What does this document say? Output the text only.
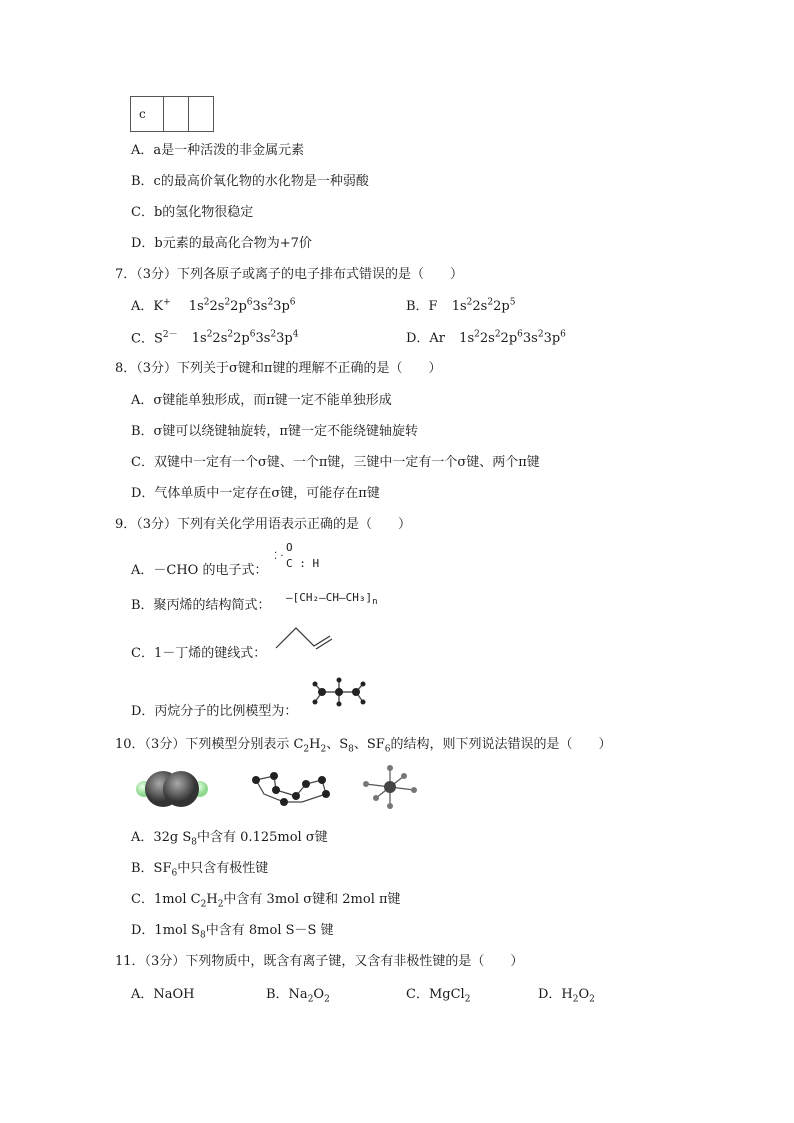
c		
A．a是一种活泼的非金属元素
B．c的最高价氧化物的水化物是一种弱酸
C．b的氢化物很稳定
D．b元素的最高化合物为+7价
7．（3分）下列各原子或离子的电子排布式错误的是（　　）
A．K+ $1s^22s^22p^63s^23p^6$	B．F $1s^22s^22p^5$
C．$S^{2-}$ $1s^22s^22p^63s^23p^4$	D．Ar $1s^22s^22p^63s^23p^6$
8．（3分）下列关于σ键和π键的理解不正确的是（　　）
A．σ键能单独形成，而π键一定不能单独形成
B．σ键可以绕键轴旋转，π键一定不能绕键轴旋转
C．双键中一定有一个σ键、一个π键，三键中一定有一个σ键、两个π键
D．气体单质中一定存在σ键，可能存在π键
9．（3分）下列有关化学用语表示正确的是（　　）
A．－CHO 的电子式：
O
⁚ ·
C : H
B．聚丙烯的结构简式：
$—[CH_2—CH—CH_3]_n$
C．1－丁烯的键线式：
D．丙烷分子的比例模型为：
10．（3分）下列模型分别表示 $C_2H_2$、$S_8$、$SF_6$的结构，则下列说法错误的是（　　）
A．32g $S_8$中含有 0.125mol σ键
B．$SF_6$中只含有极性键
C．1mol $C_2H_2$中含有 3mol σ键和 2mol π键
D．1mol $S_8$中含有 8mol S－S 键
11．（3分）下列物质中，既含有离子键，又含有非极性键的是（　　）
A．NaOH	B．$Na_2O_2$	C．MgCl$_2$	D．$H_2O_2$
